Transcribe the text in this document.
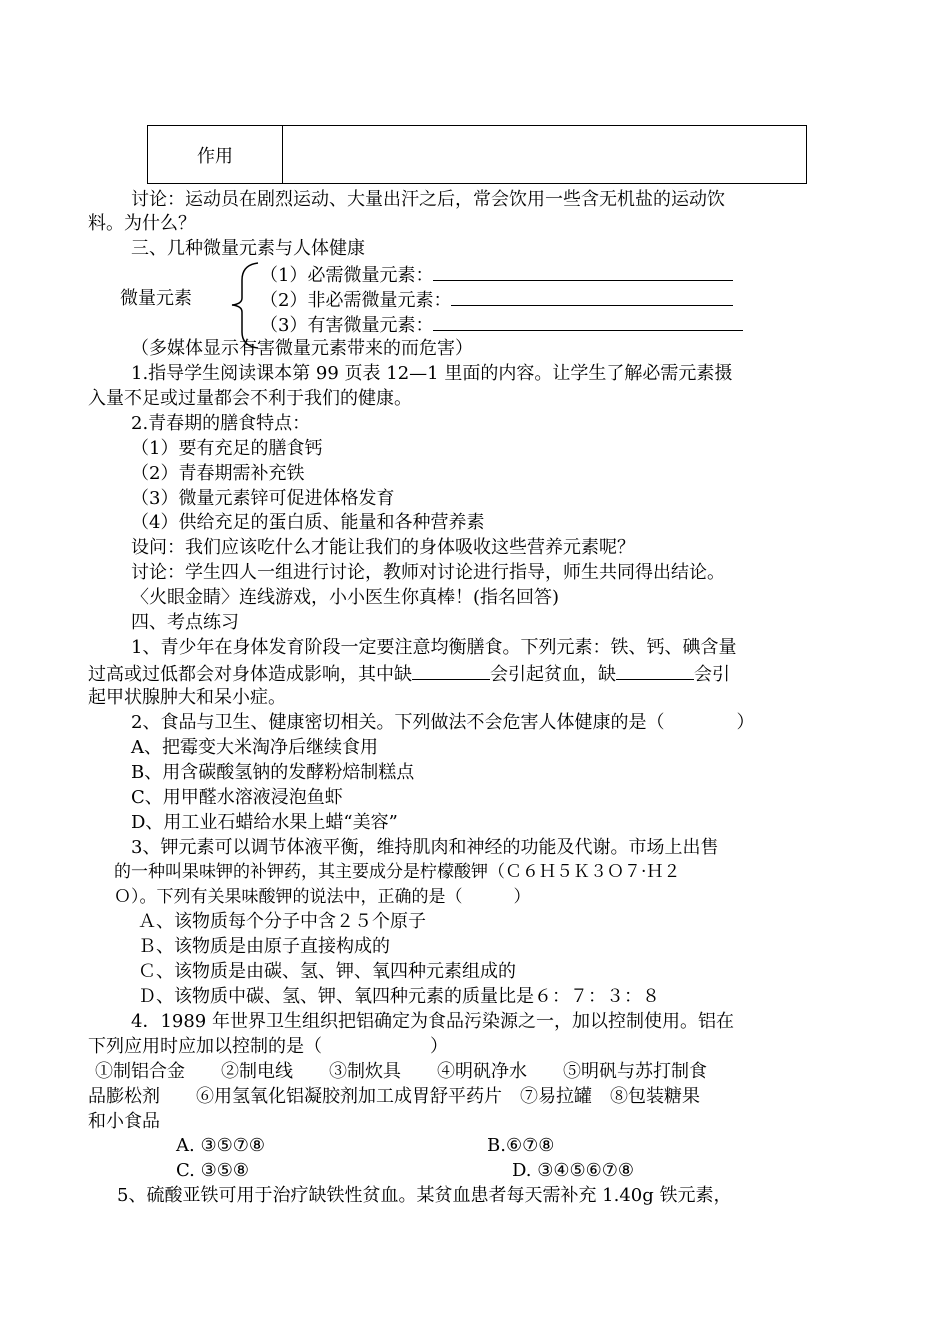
作用	
讨论：运动员在剧烈运动、大量出汗之后，常会饮用一些含无机盐的运动饮
料。为什么？
三、几种微量元素与人体健康
微量元素
（1）必需微量元素：
（2）非必需微量元素：
（3）有害微量元素：
（多媒体显示有害微量元素带来的而危害）
1.指导学生阅读课本第 99 页表 12—1 里面的内容。让学生了解必需元素摄
入量不足或过量都会不利于我们的健康。
2.青春期的膳食特点：
（1）要有充足的膳食钙
（2）青春期需补充铁
（3）微量元素锌可促进体格发育
（4）供给充足的蛋白质、能量和各种营养素
设问：我们应该吃什么才能让我们的身体吸收这些营养元素呢？
讨论：学生四人一组进行讨论，教师对讨论进行指导，师生共同得出结论。
〈火眼金睛〉连线游戏，小小医生你真棒！(指名回答)
四、考点练习
1、青少年在身体发育阶段一定要注意均衡膳食。下列元素：铁、钙、碘含量
过高或过低都会对身体造成影响，其中缺	会引起贫血，缺	会引
起甲状腺肿大和呆小症。
2、食品与卫生、健康密切相关。下列做法不会危害人体健康的是（　　　　）
A、把霉变大米淘净后继续食用
B、用含碳酸氢钠的发酵粉焙制糕点
C、用甲醛水溶液浸泡鱼虾
D、用工业石蜡给水果上蜡“美容”
3、钾元素可以调节体液平衡，维持肌肉和神经的功能及代谢。市场上出售
的一种叫果味钾的补钾药，其主要成分是柠檬酸钾（Ｃ６Ｈ５Ｋ３Ｏ７·Ｈ２
Ｏ）。下列有关果味酸钾的说法中，正确的是（　　　）
Ａ、该物质每个分子中含２５个原子
Ｂ、该物质是由原子直接构成的
Ｃ、该物质是由碳、氢、钾、氧四种元素组成的
Ｄ、该物质中碳、氢、钾、氧四种元素的质量比是６：７：３：８
4．1989 年世界卫生组织把铝确定为食品污染源之一，加以控制使用。铝在
下列应用时应加以控制的是（　　　　　　）
①制铝合金　　②制电线　　③制炊具　　④明矾净水　　⑤明矾与苏打制食
品膨松剂　　⑥用氢氧化铝凝胶剂加工成胃舒平药片　⑦易拉罐　⑧包装糖果
和小食品
A. ③⑤⑦⑧	B.⑥⑦⑧
C. ③⑤⑧	D. ③④⑤⑥⑦⑧
5、硫酸亚铁可用于治疗缺铁性贫血。某贫血患者每天需补充 1.40g 铁元素，
